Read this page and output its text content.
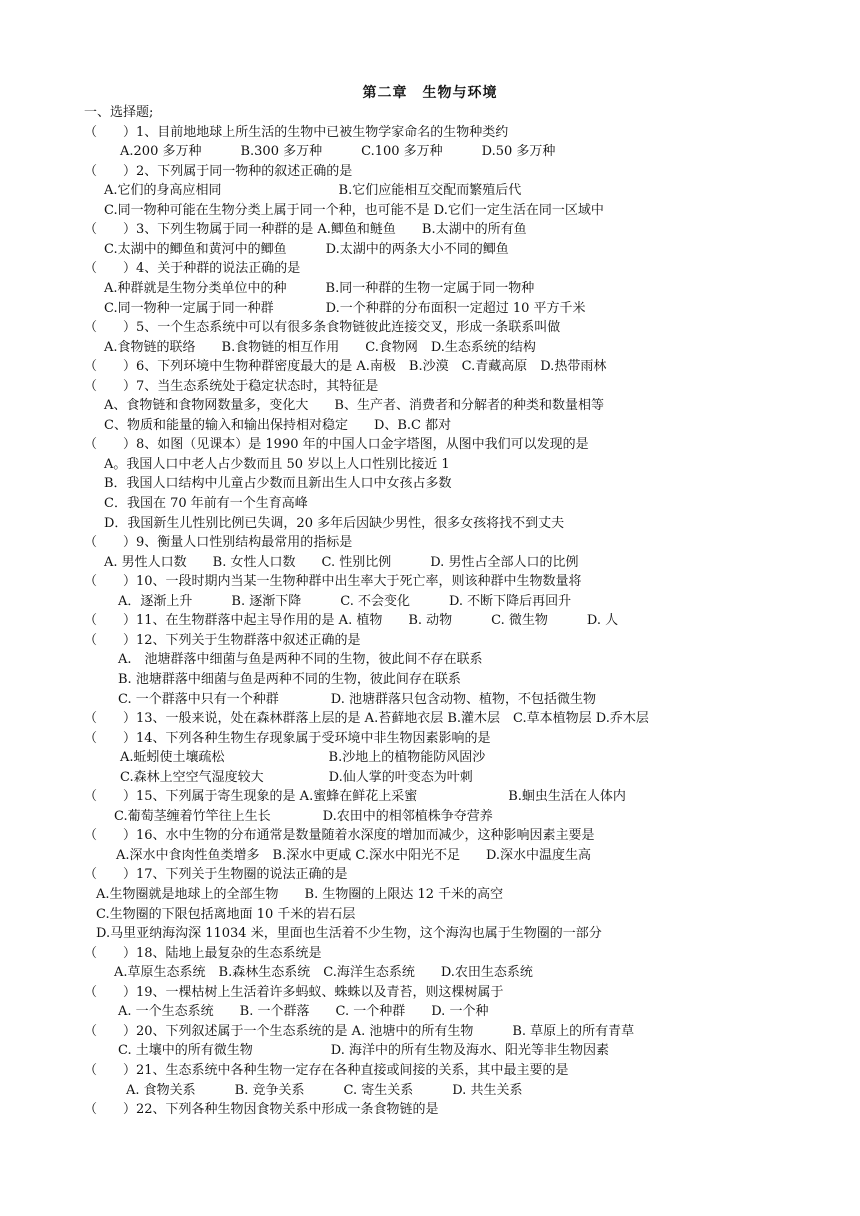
第二章　生物与环境
一、选择题;
（　　）1、目前地地球上所生活的生物中已被生物学家命名的生物种类约
A.200 多万种　　　B.300 多万种　　　C.100 多万种　　　D.50 多万种
（　　）2、下列属于同一物种的叙述正确的是
A.它们的身高应相同　　　　　　　　　B.它们应能相互交配而繁殖后代
C.同一物种可能在生物分类上属于同一个种，也可能不是 D.它们一定生活在同一区域中
（　　）3、下列生物属于同一种群的是 A.鲫鱼和鲢鱼　　B.太湖中的所有鱼
C.太湖中的鲫鱼和黄河中的鲫鱼　　　D.太湖中的两条大小不同的鲫鱼
（　　）4、关于种群的说法正确的是
A.种群就是生物分类单位中的种　　　B.同一种群的生物一定属于同一物种
C.同一物种一定属于同一种群　　　　D.一个种群的分布面积一定超过 10 平方千米
（　　）5、一个生态系统中可以有很多条食物链彼此连接交叉，形成一条联系叫做
A.食物链的联络　　B.食物链的相互作用　　C.食物网　D.生态系统的结构
（　　）6、下列环境中生物种群密度最大的是 A.南极　B.沙漠　C.青藏高原　D.热带雨林
（　　）7、当生态系统处于稳定状态时，其特征是
A、食物链和食物网数量多，变化大　　B、生产者、消费者和分解者的种类和数量相等
C、物质和能量的输入和输出保持相对稳定　　D、B.C 都对
（　　）8、如图（见课本）是 1990 年的中国人口金字塔图，从图中我们可以发现的是
A。我国人口中老人占少数而且 50 岁以上人口性别比接近 1
B．我国人口结构中儿童占少数而且新出生人口中女孩占多数
C．我国在 70 年前有一个生育高峰
D．我国新生儿性别比例已失调，20 多年后因缺少男性，很多女孩将找不到丈夫
（　　）9、衡量人口性别结构最常用的指标是
A. 男性人口数　　B. 女性人口数　　C. 性别比例　　　D. 男性占全部人口的比例
（　　）10、一段时期内当某一生物种群中出生率大于死亡率，则该种群中生物数量将
A．逐渐上升　　　B. 逐渐下降　　　C. 不会变化　　　D. 不断下降后再回升
（　　）11、在生物群落中起主导作用的是 A. 植物　　B. 动物　　　C. 微生物　　　D. 人
（　　）12、下列关于生物群落中叙述正确的是
A.　池塘群落中细菌与鱼是两种不同的生物，彼此间不存在联系
B. 池塘群落中细菌与鱼是两种不同的生物，彼此间存在联系
C. 一个群落中只有一个种群　　　　D. 池塘群落只包含动物、植物，不包括微生物
（　　）13、一般来说，处在森林群落上层的是 A.苔藓地衣层 B.灌木层　C.草本植物层 D.乔木层
（　　）14、下列各种生物生存现象属于受环境中非生物因素影响的是
A.蚯蚓使土壤疏松　　　　　　　　B.沙地上的植物能防风固沙
C.森林上空空气湿度较大　　　　　D.仙人掌的叶变态为叶刺
（　　）15、下列属于寄生现象的是 A.蜜蜂在鲜花上采蜜　　　　　　　B.蛔虫生活在人体内
C.葡萄茎缠着竹竿往上生长　　　　D.农田中的相邻植株争夺营养
（　　）16、水中生物的分布通常是数量随着水深度的增加而减少，这种影响因素主要是
A.深水中食肉性鱼类增多　B.深水中更咸 C.深水中阳光不足　　D.深水中温度生高
（　　）17、下列关于生物圈的说法正确的是
A.生物圈就是地球上的全部生物　　B. 生物圈的上限达 12 千米的高空
C.生物圈的下限包括离地面 10 千米的岩石层
D.马里亚纳海沟深 11034 米，里面也生活着不少生物，这个海沟也属于生物圈的一部分
（　　）18、陆地上最复杂的生态系统是
A.草原生态系统　B.森林生态系统　C.海洋生态系统　　D.农田生态系统
（　　）19、一棵枯树上生活着许多蚂蚁、蛛蛛以及青苔，则这棵树属于
A. 一个生态系统　　B. 一个群落　　C. 一个种群　　D. 一个种
（　　）20、下列叙述属于一个生态系统的是 A. 池塘中的所有生物　　　B. 草原上的所有青草
C. 土壤中的所有微生物　　　　　　D. 海洋中的所有生物及海水、阳光等非生物因素
（　　）21、生态系统中各种生物一定存在各种直接或间接的关系，其中最主要的是
A. 食物关系　　　B. 竞争关系　　　C. 寄生关系　　　D. 共生关系
（　　）22、下列各种生物因食物关系中形成一条食物链的是
